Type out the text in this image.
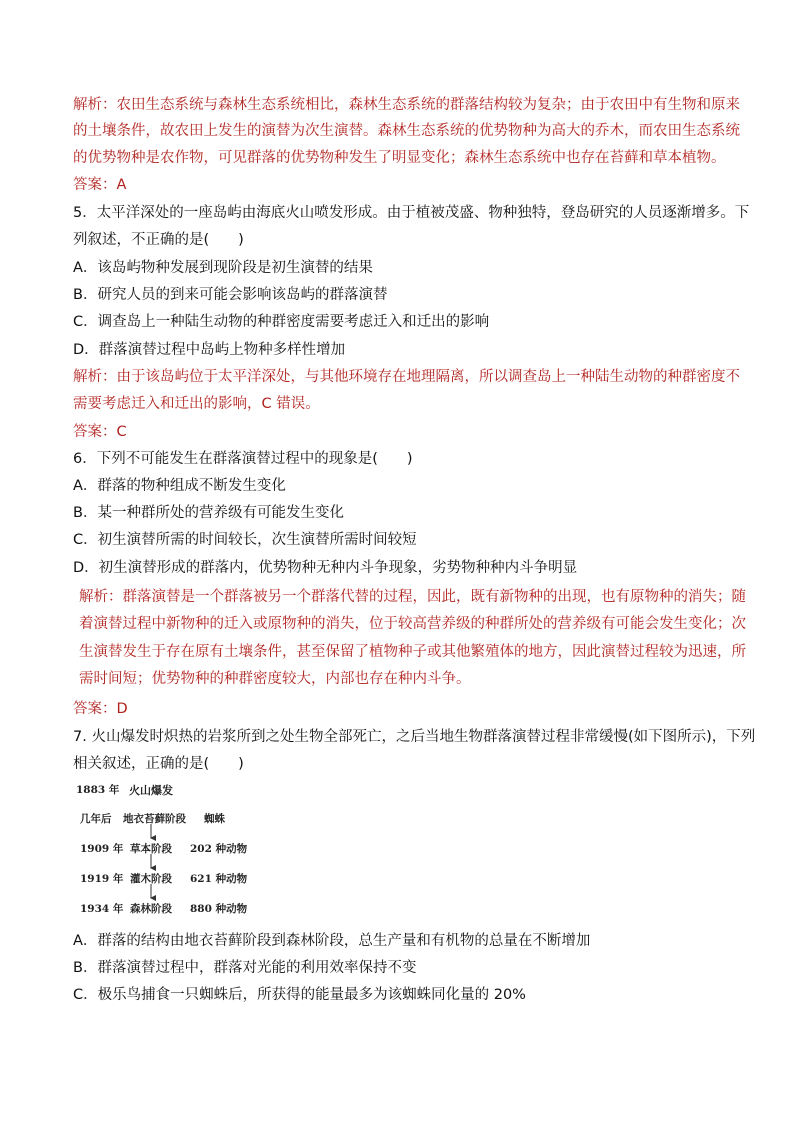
解析：农田生态系统与森林生态系统相比，森林生态系统的群落结构较为复杂；由于农田中有生物和原来
的土壤条件，故农田上发生的演替为次生演替。森林生态系统的优势物种为高大的乔木，而农田生态系统
的优势物种是农作物，可见群落的优势物种发生了明显变化；森林生态系统中也存在苔藓和草本植物。
答案：A
5．太平洋深处的一座岛屿由海底火山喷发形成。由于植被茂盛、物种独特，登岛研究的人员逐渐增多。下
列叙述，不正确的是(　　)
A．该岛屿物种发展到现阶段是初生演替的结果
B．研究人员的到来可能会影响该岛屿的群落演替
C．调查岛上一种陆生动物的种群密度需要考虑迁入和迁出的影响
D．群落演替过程中岛屿上物种多样性增加
解析：由于该岛屿位于太平洋深处，与其他环境存在地理隔离，所以调查岛上一种陆生动物的种群密度不
需要考虑迁入和迁出的影响，C 错误。
答案：C
6．下列不可能发生在群落演替过程中的现象是(　　)
A．群落的物种组成不断发生变化
B．某一种群所处的营养级有可能发生变化
C．初生演替所需的时间较长，次生演替所需时间较短
D．初生演替形成的群落内，优势物种无种内斗争现象，劣势物种种内斗争明显
解析：群落演替是一个群落被另一个群落代替的过程，因此，既有新物种的出现，也有原物种的消失；随
着演替过程中新物种的迁入或原物种的消失，位于较高营养级的种群所处的营养级有可能会发生变化；次
生演替发生于存在原有土壤条件，甚至保留了植物种子或其他繁殖体的地方，因此演替过程较为迅速，所
需时间短；优势物种的种群密度较大，内部也存在种内斗争。
答案：D
7. 火山爆发时炽热的岩浆所到之处生物全部死亡，之后当地生物群落演替过程非常缓慢(如下图所示)，下列
相关叙述，正确的是(　　)
1883 年 火山爆发
几年后 地衣苔藓阶段 蜘蛛
1909 年 草本阶段 202 种动物
1919 年 灌木阶段 621 种动物
1934 年 森林阶段 880 种动物
A．群落的结构由地衣苔藓阶段到森林阶段，总生产量和有机物的总量在不断增加
B．群落演替过程中，群落对光能的利用效率保持不变
C．极乐鸟捕食一只蜘蛛后，所获得的能量最多为该蜘蛛同化量的 20%
